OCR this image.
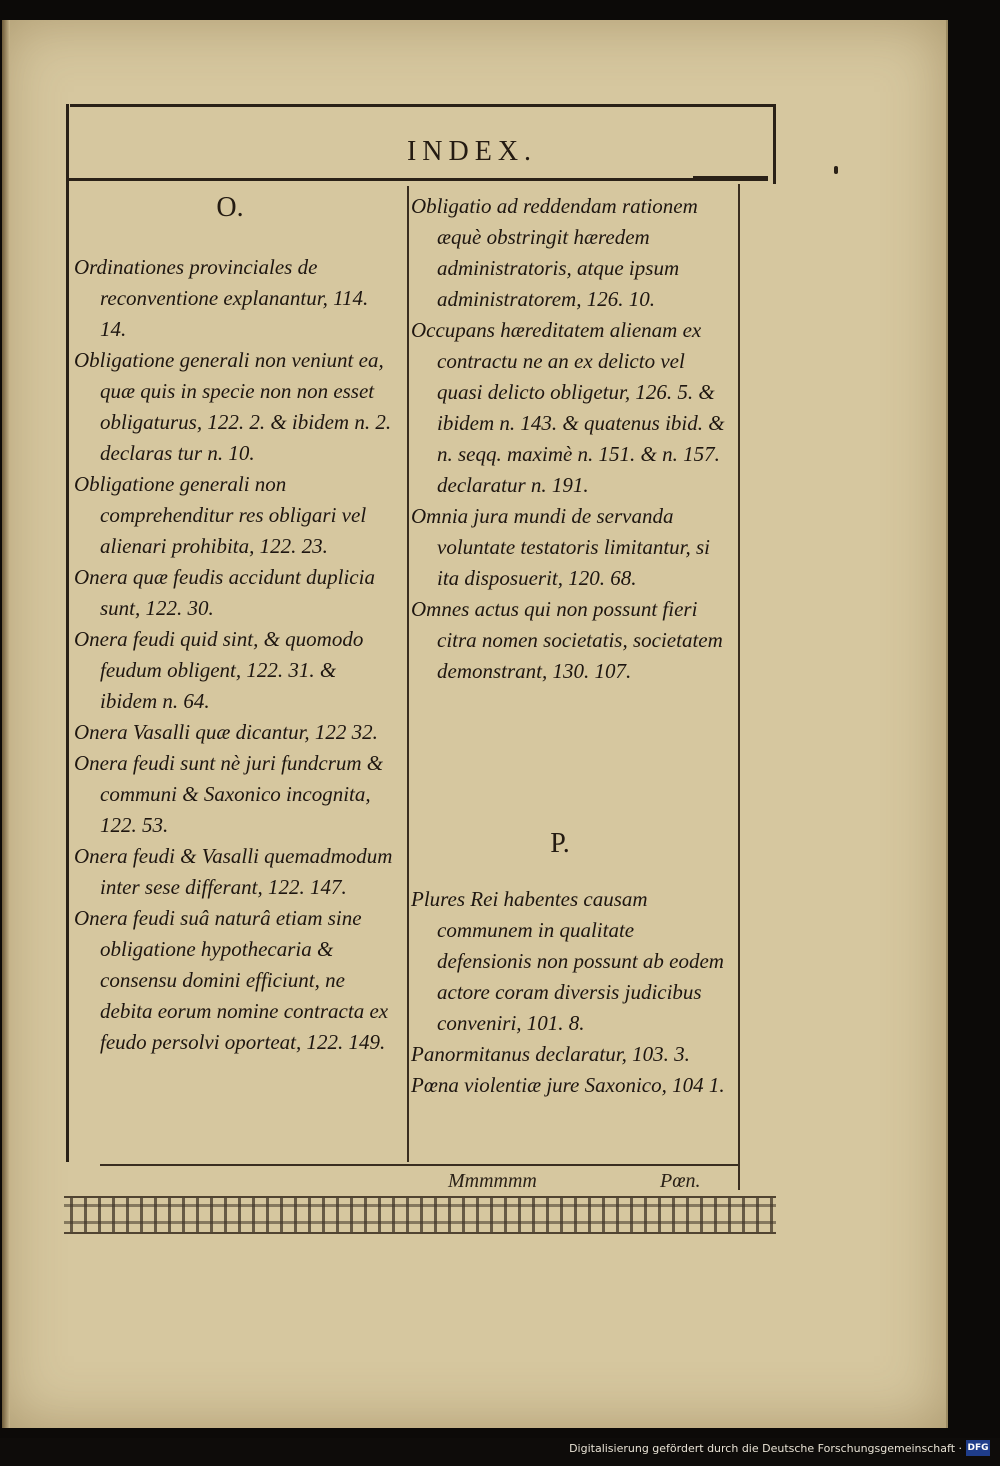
INDEX.
O.
P.
Ordinationes provinciales de reconventione explanantur, 114. 14.
Obligatione generali non veniunt ea, quæ quis in specie non non esset obligaturus, 122. 2. & ibidem n. 2. declaras tur n. 10.
Obligatione generali non comprehenditur res obligari vel alienari prohibita, 122. 23.
Onera quæ feudis accidunt duplicia sunt, 122. 30.
Onera feudi quid sint, & quomodo feudum obligent, 122. 31. & ibidem n. 64.
Onera Vasalli quæ dicantur, 122 32.
Onera feudi sunt nè juri fundcrum & communi & Saxonico incognita, 122. 53.
Onera feudi & Vasalli quemadmodum inter sese differant, 122. 147.
Onera feudi suâ naturâ etiam sine obligatione hypothecaria & consensu domini efficiunt, ne debita eorum nomine contracta ex feudo persolvi oporteat, 122. 149.
Obligatio ad reddendam rationem æquè obstringit hæredem administratoris, atque ipsum administratorem, 126. 10.
Occupans hæreditatem alienam ex contractu ne an ex delicto vel quasi delicto obligetur, 126. 5. & ibidem n. 143. & quatenus ibid. & n. seqq. maximè n. 151. & n. 157. declaratur n. 191.
Omnia jura mundi de servanda voluntate testatoris limitantur, si ita disposuerit, 120. 68.
Omnes actus qui non possunt fieri citra nomen societatis, societatem demonstrant, 130. 107.
Plures Rei habentes causam communem in qualitate defensionis non possunt ab eodem actore coram diversis judicibus conveniri, 101. 8.
Panormitanus declaratur, 103. 3.
Pœna violentiæ jure Saxonico, 104 1.
Mmmmmm	Pœn.
Digitalisierung gefördert durch die Deutsche Forschungsgemeinschaft · DFG
